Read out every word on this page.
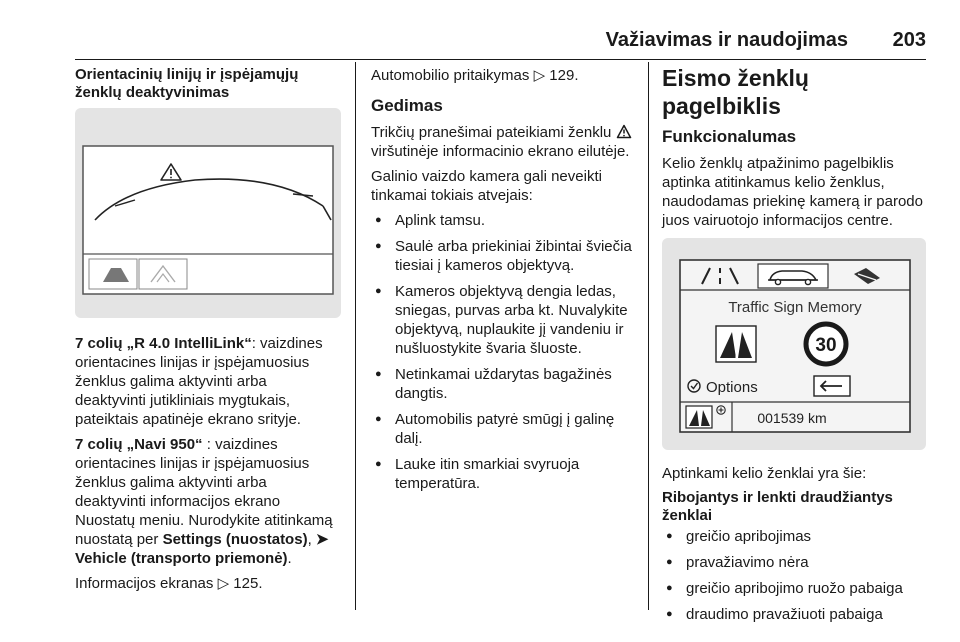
Važiavimas ir naudojimas 203
Orientacinių linijų ir įspėjamųjų ženklų deaktyvinimas

7 colių „R 4.0 IntelliLink“: vaizdines orientacines linijas ir įspėjamuosius ženklus galima aktyvinti arba deaktyvinti jutikliniais mygtukais, pateiktais apatinėje ekrano srityje.

7 colių „Navi 950“ : vaizdines orientacines linijas ir įspėjamuosius ženklus galima aktyvinti arba deaktyvinti informacijos ekrano Nuostatų meniu. Nurodykite atitinkamą nuostatą per Settings (nuostatos), ➤ Vehicle (transporto priemonė).

Informacijos ekranas ▷ 125.

Automobilio pritaikymas ▷ 129.

Gedimas

Trikčių pranešimai pateikiami ženklu viršutinėje informacinio ekrano eilutėje.

Galinio vaizdo kamera gali neveikti tinkamai tokiais atvejais:

● Aplink tamsu.
● Saulė arba priekiniai žibintai šviečia tiesiai į kameros objektyvą.
● Kameros objektyvą dengia ledas, sniegas, purvas arba kt. Nuvalykite objektyvą, nuplaukite jį vandeniu ir nušluostykite švaria šluoste.
● Netinkamai uždarytas bagažinės dangtis.
● Automobilis patyrė smūgį į galinę dalį.
● Lauke itin smarkiai svyruoja temperatūra.
Eismo ženklų pagelbiklis
Funkcionalumas

Kelio ženklų atpažinimo pagelbiklis aptinka atitinkamus kelio ženklus, naudodamas priekinę kamerą ir parodo juos vairuotojo informacijos centre.

Traffic Sign Memory
30
Options
001539 km

Aptinkami kelio ženklai yra šie:

Ribojantys ir lenkti draudžiantys ženklai
● greičio apribojimas
● pravažiavimo nėra
● greičio apribojimo ruožo pabaiga
● draudimo pravažiuoti pabaiga
